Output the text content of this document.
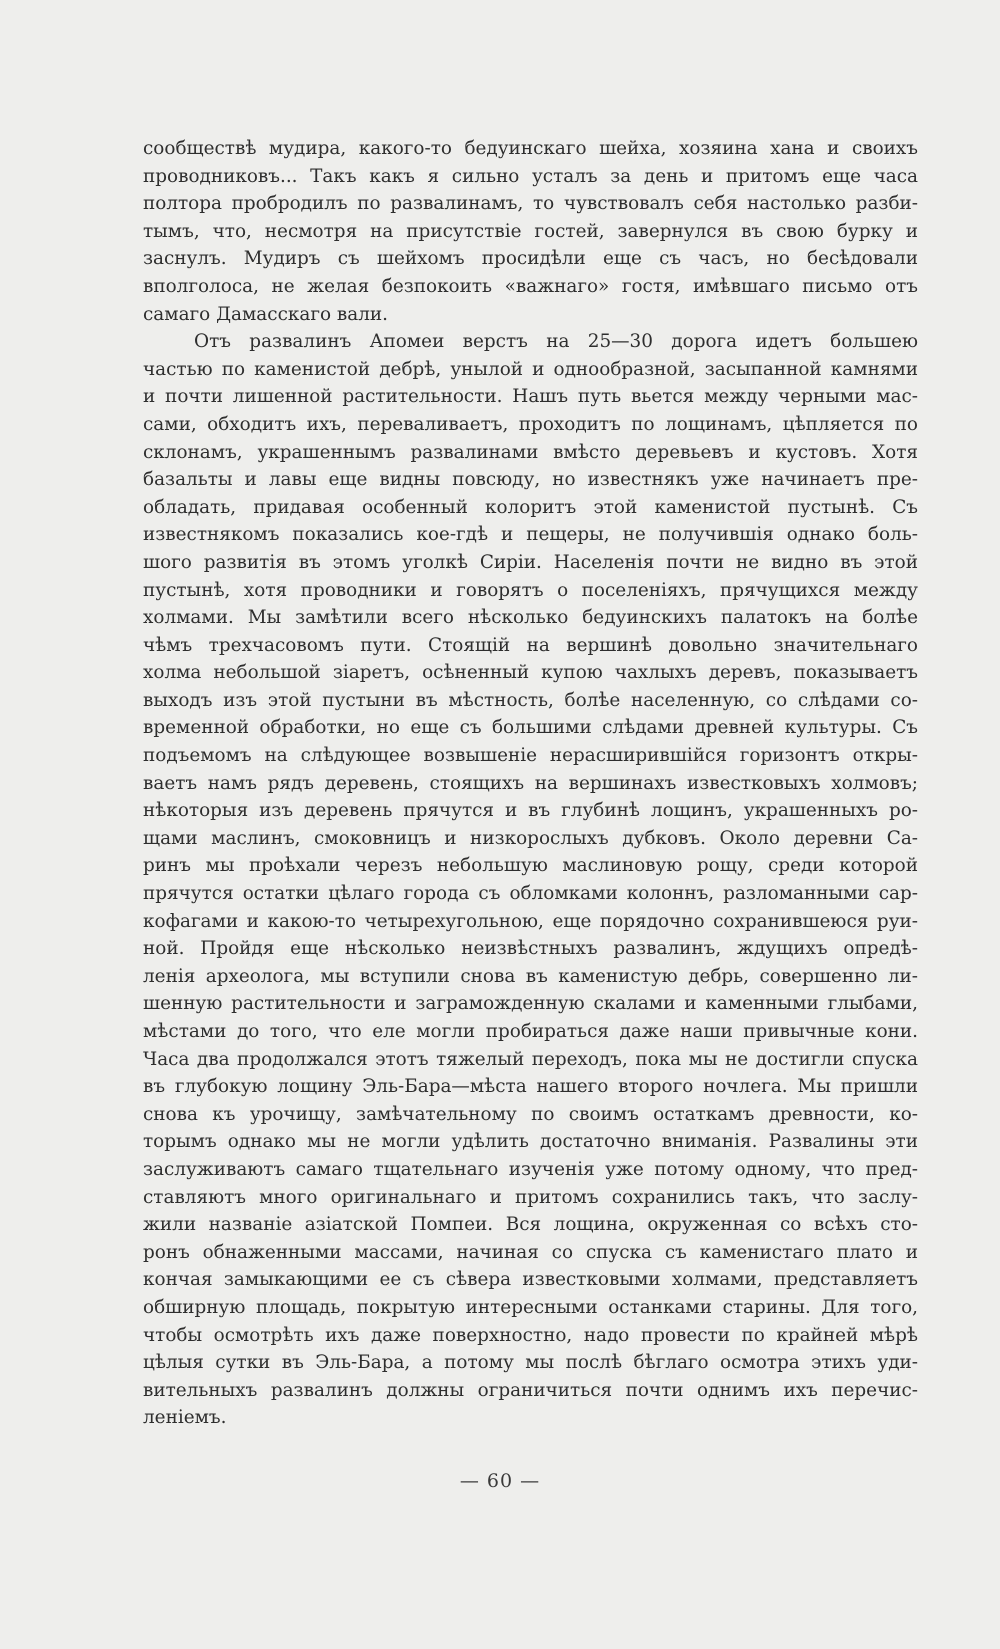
сообществѣ мудира, какого-то бедуинскаго шейха, хозяина хана и своихъ
проводниковъ... Такъ какъ я сильно усталъ за день и притомъ еще часа
полтора пробродилъ по развалинамъ, то чувствовалъ себя настолько разби-
тымъ, что, несмотря на присутствіе гостей, завернулся въ свою бурку и
заснулъ. Мудиръ съ шейхомъ просидѣли еще съ часъ, но бесѣдовали
вполголоса, не желая безпокоить «важнаго» гостя, имѣвшаго письмо отъ
самаго Дамасскаго вали.
Отъ развалинъ Апомеи верстъ на 25—30 дорога идетъ большею
частью по каменистой дебрѣ, унылой и однообразной, засыпанной камнями
и почти лишенной растительности. Нашъ путь вьется между черными мас-
сами, обходитъ ихъ, переваливаетъ, проходитъ по лощинамъ, цѣпляется по
склонамъ, украшеннымъ развалинами вмѣсто деревьевъ и кустовъ. Хотя
базальты и лавы еще видны повсюду, но известнякъ уже начинаетъ пре-
обладать, придавая особенный колоритъ этой каменистой пустынѣ. Съ
известнякомъ показались кое-гдѣ и пещеры, не получившія однако боль-
шого развитія въ этомъ уголкѣ Сиріи. Населенія почти не видно въ этой
пустынѣ, хотя проводники и говорятъ о поселеніяхъ, прячущихся между
холмами. Мы замѣтили всего нѣсколько бедуинскихъ палатокъ на болѣе
чѣмъ трехчасовомъ пути. Стоящій на вершинѣ довольно значительнаго
холма небольшой зіаретъ, осѣненный купою чахлыхъ деревъ, показываетъ
выходъ изъ этой пустыни въ мѣстность, болѣе населенную, со слѣдами со-
временной обработки, но еще съ большими слѣдами древней культуры. Съ
подъемомъ на слѣдующее возвышеніе нерасширившійся горизонтъ откры-
ваетъ намъ рядъ деревень, стоящихъ на вершинахъ известковыхъ холмовъ;
нѣкоторыя изъ деревень прячутся и въ глубинѣ лощинъ, украшенныхъ ро-
щами маслинъ, смоковницъ и низкорослыхъ дубковъ. Около деревни Са-
ринъ мы проѣхали черезъ небольшую маслиновую рощу, среди которой
прячутся остатки цѣлаго города съ обломками колоннъ, разломанными сар-
кофагами и какою-то четырехугольною, еще порядочно сохранившеюся руи-
ной. Пройдя еще нѣсколько неизвѣстныхъ развалинъ, ждущихъ опредѣ-
ленія археолога, мы вступили снова въ каменистую дебрь, совершенно ли-
шенную растительности и заграможденную скалами и каменными глыбами,
мѣстами до того, что еле могли пробираться даже наши привычные кони.
Часа два продолжался этотъ тяжелый переходъ, пока мы не достигли спуска
въ глубокую лощину Эль-Бара—мѣста нашего второго ночлега. Мы пришли
снова къ урочищу, замѣчательному по своимъ остаткамъ древности, ко-
торымъ однако мы не могли удѣлить достаточно вниманія. Развалины эти
заслуживаютъ самаго тщательнаго изученія уже потому одному, что пред-
ставляютъ много оригинальнаго и притомъ сохранились такъ, что заслу-
жили названіе азіатской Помпеи. Вся лощина, окруженная со всѣхъ сто-
ронъ обнаженными массами, начиная со спуска съ каменистаго плато и
кончая замыкающими ее съ сѣвера известковыми холмами, представляетъ
обширную площадь, покрытую интересными останками старины. Для того,
чтобы осмотрѣть ихъ даже поверхностно, надо провести по крайней мѣрѣ
цѣлыя сутки въ Эль-Бара, а потому мы послѣ бѣглаго осмотра этихъ уди-
вительныхъ развалинъ должны ограничиться почти однимъ ихъ перечис-
леніемъ.
— 60 —
